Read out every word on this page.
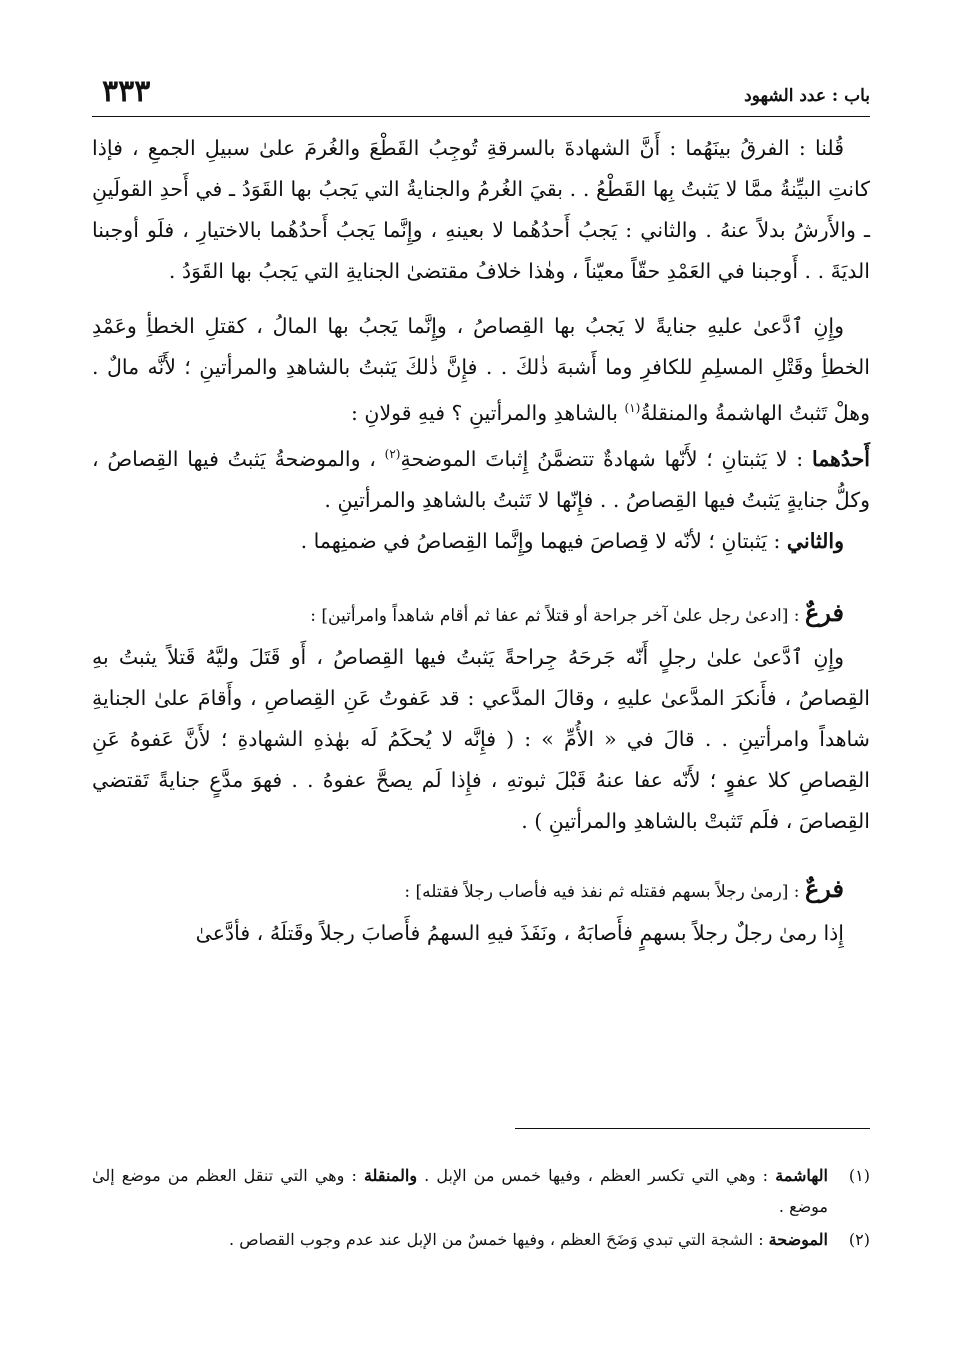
باب : عدد الشهود
٣٣٣

قُلنا : الفرقُ بينَهُما : أَنَّ الشهادةَ بالسرقةِ تُوجِبُ القَطْعَ والغُرمَ علىٰ سبيلِ الجمعِ ، فإذا كانتِ البيِّنةُ ممَّا لا يَثبتُ بِها القَطْعُ . . بقيَ الغُرمُ والجنايةُ التي يَجبُ بها القَوَدُ ـ في أَحدِ القولَينِ ـ والأَرشُ بدلاً عنهُ . والثاني : يَجبُ أَحدُهُما لا بعينهِ ، وإِنَّما يَجبُ أَحدُهُما بالاختيارِ ، فلَو أوجبنا الديَةَ . . أَوجبنا في العَمْدِ حقّاً معيّناً ، وهٰذا خلافُ مقتضىٰ الجنايةِ التي يَجبُ بها القَوَدُ .

وإِنِ ٱدَّعىٰ عليهِ جنايةً لا يَجبُ بها القِصاصُ ، وإِنَّما يَجبُ بها المالُ ، كقتلِ الخطأِ وعَمْدِ الخطأِ وقَتْلِ المسلِمِ للكافرِ وما أَشبهَ ذٰلكَ . . فإِنَّ ذٰلكَ يَثبتُ بالشاهدِ والمرأتينِ ؛ لأَنَّه مالٌ . وهلْ تَثبتُ الهاشمةُ والمنقلةُ$^{(١)}$ بالشاهدِ والمرأتينِ ؟ فيهِ قولانِ :

أَحدُهما : لا يَثبتانِ ؛ لأَنّها شهادةٌ تتضمَّنُ إِثباتَ الموضحةِ$^{(٢)}$ ، والموضحةُ يَثبتُ فيها القِصاصُ ، وكلُّ جنايةٍ يَثبتُ فيها القِصاصُ . . فإِنّها لا تَثبتُ بالشاهدِ والمرأتينِ .

والثاني : يَثبتانِ ؛ لأنّه لا قِصاصَ فيهما وإِنَّما القِصاصُ في ضمنِهما .

فرعٌ : [ادعىٰ رجل علىٰ آخر جراحة أو قتلاً ثم عفا ثم أقام شاهداً وامرأتين] :

وإِنِ ٱدَّعىٰ علىٰ رجلٍ أَنّه جَرحَهُ جِراحةً يَثبتُ فيها القِصاصُ ، أَو قَتَلَ وليَّهُ قَتلاً يثبتُ بهِ القِصاصُ ، فأَنكرَ المدَّعىٰ عليهِ ، وقالَ المدَّعي : قد عَفوتُ عَنِ القِصاصِ ، وأَقامَ علىٰ الجنايةِ شاهداً وامرأتينِ . . قالَ في « الأُمِّ » : ( فإِنَّه لا يُحكَمُ لَه بهٰذهِ الشهادةِ ؛ لأَنَّ عَفوهُ عَنِ القِصاصِ كلا عفوٍ ؛ لأَنّه عفا عنهُ قَبْلَ ثبوتهِ ، فإِذا لَم يصحَّ عفوهُ . . فهوَ مدَّعٍ جنايةً تَقتضي القِصاصَ ، فلَم تَثبتْ بالشاهدِ والمرأتينِ ) .

فرعٌ : [رمىٰ رجلاً بسهم فقتله ثم نفذ فيه فأصاب رجلاً فقتله] :

إِذا رمىٰ رجلٌ رجلاً بسهمٍ فأَصابَهُ ، ونَفَذَ فيهِ السهمُ فأَصابَ رجلاً وقَتلَهُ ، فأدَّعىٰ

(١)
الهاشمة : وهي التي تكسر العظم ، وفيها خمس من الإبل . والمنقلة : وهي التي تنقل العظم من موضع إلىٰ موضع .
(٢)
الموضحة : الشجة التي تبدي وَضَحَ العظم ، وفيها خمسٌ من الإبل عند عدم وجوب القصاص .
